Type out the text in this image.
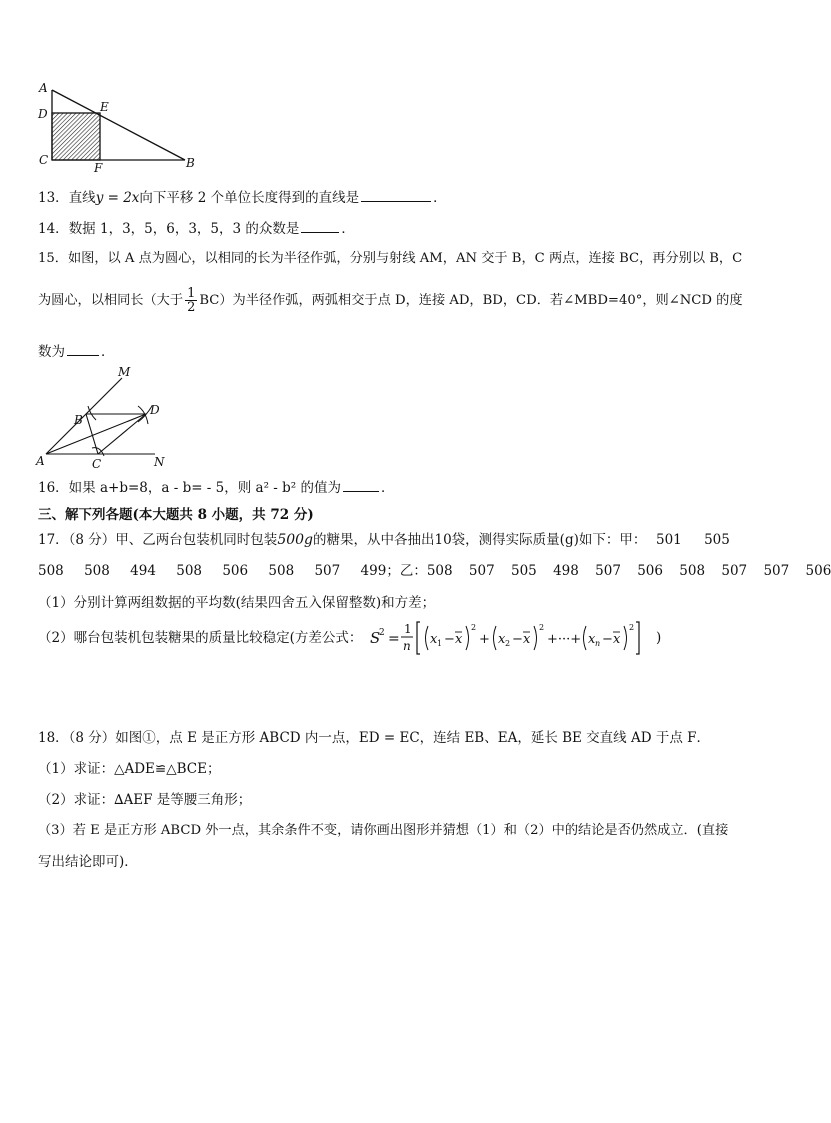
A
D
C
E
F	B
13．直线y = 2x向下平移 2 个单位长度得到的直线是	．
14．数据 1，3，5，6，3，5，3 的众数是	．
15．如图，以 A 点为圆心，以相同的长为半径作弧，分别与射线 AM，AN 交于 B，C 两点，连接 BC，再分别以 B，C
为圆心，以相同长（大于 $\frac{1}{2} BC$）为半径作弧，两弧相交于点 D，连接 AD，BD，CD．若∠MBD=40°，则∠NCD 的度
数为	．
M
B
D
A	C	N
16．如果 a+b=8，a - b= - 5，则 a² - b² 的值为	．
三、解下列各题(本大题共 8 小题，共 72 分)
17．（8 分）甲、乙两台包装机同时包装500g的糖果，从中各抽出10袋，测得实际质量(g)如下：甲： 501 505
508 508 494 508 506 508 507 499；乙：508 507 505 498 507 506 508 507 507 506
（1）分别计算两组数据的平均数(结果四舍五入保留整数)和方差；
（2）哪台包装机包装糖果的质量比较稳定(方差公式： S
2 =
1
n x 1 − x
2
+ x 2 − x
2
+···+ x n − x
2
)
18．（8 分）如图①，点 E 是正方形 ABCD 内一点，ED = EC，连结 EB、EA，延长 BE 交直线 AD 于点 F．
（1）求证：△ADE≌△BCE；
（2）求证：∆AEF 是等腰三角形；
（3）若 E 是正方形 ABCD 外一点，其余条件不变，请你画出图形并猜想（1）和（2）中的结论是否仍然成立．(直接
写出结论即可)．
